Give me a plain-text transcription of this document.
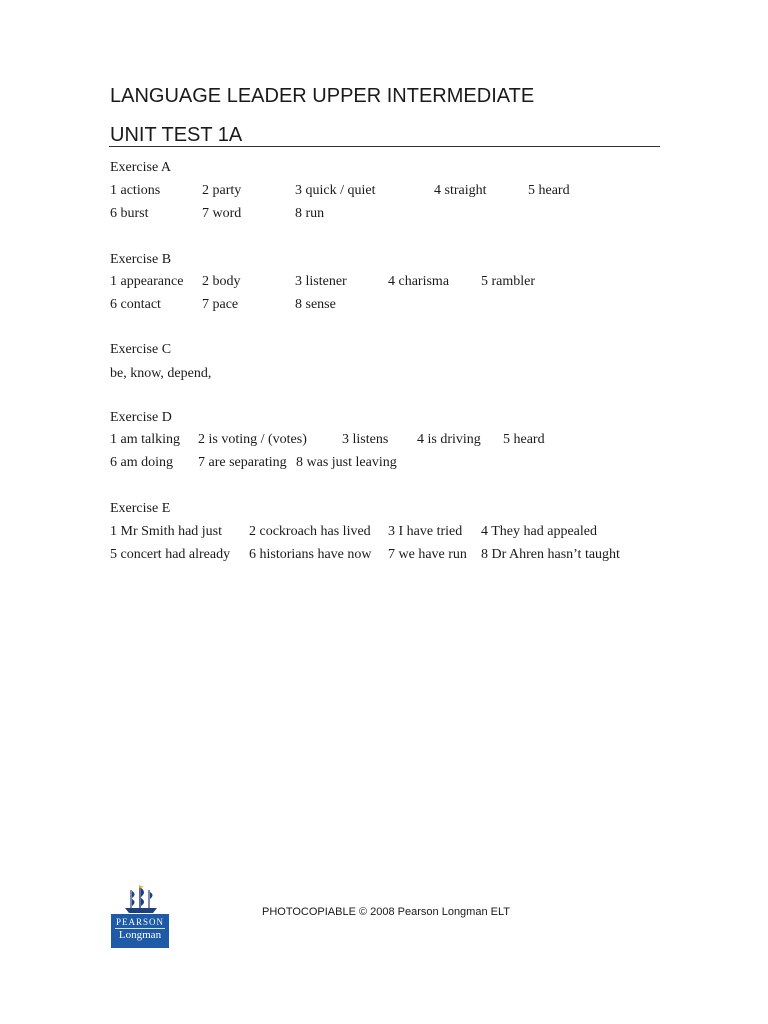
LANGUAGE LEADER UPPER INTERMEDIATE
UNIT TEST 1A
Exercise A
1 actions	2 party	3 quick / quiet	4 straight	5 heard
6 burst	7 word	8 run
Exercise B
1 appearance 2 body	3 listener	4 charisma 5 rambler
6 contact	7 pace	8 sense
Exercise C
be, know, depend,
Exercise D
1 am talking 2 is voting / (votes)	3 listens 4 is driving 5 heard
6 am doing 7 are separating 8 was just leaving
Exercise E
1 Mr Smith had just 2 cockroach has lived 3 I have tried 4 They had appealed
5 concert had already 6 historians have now 7 we have run 8 Dr Ahren hasn’t taught
PEARSON
Longman
PHOTOCOPIABLE © 2008 Pearson Longman ELT
